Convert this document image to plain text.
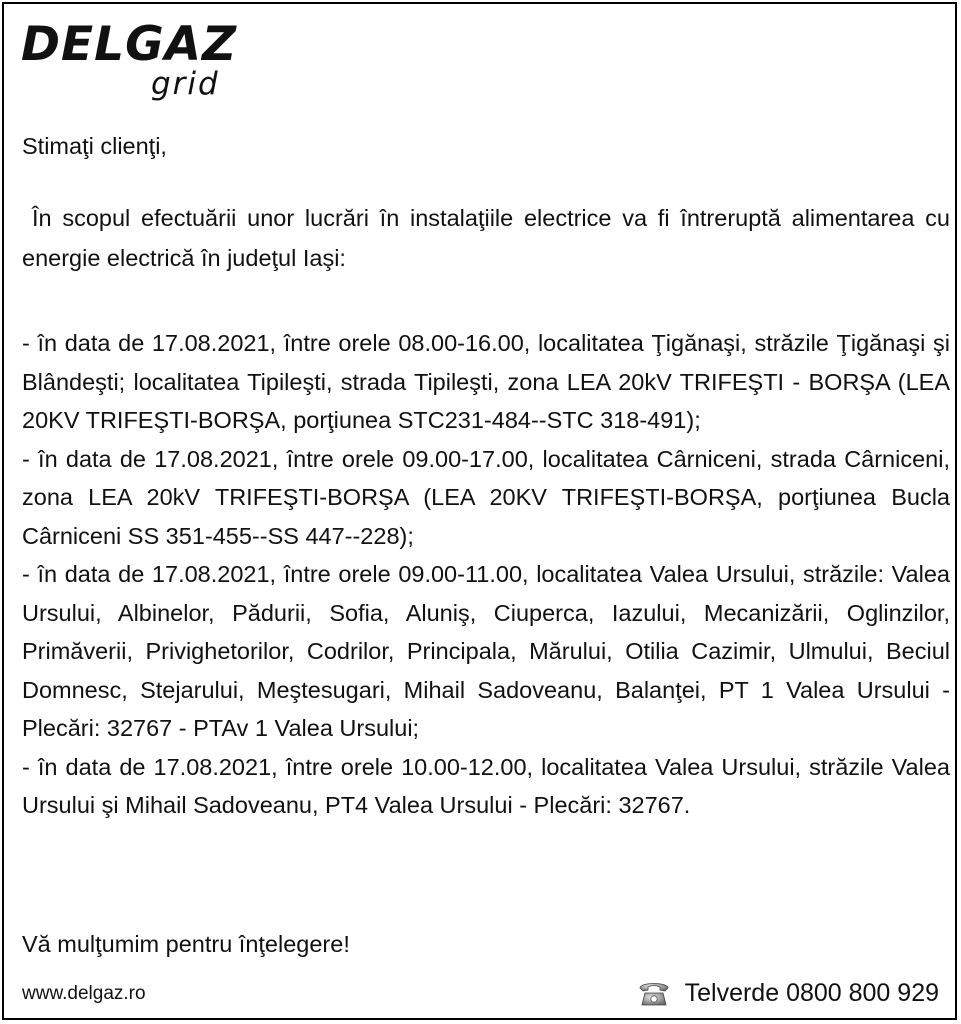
DELGAZ
grid

Stimaţi clienţi,

În scopul efectuării unor lucrări în instalaţiile electrice va fi întreruptă alimentarea cu energie electrică în judeţul Iaşi:

- în data de 17.08.2021, între orele 08.00-16.00, localitatea Ţigănaşi, străzile Ţigănaşi şi Blândeşti; localitatea Tipileşti, strada Tipileşti, zona LEA 20kV TRIFEŞTI - BORŞA (LEA 20KV TRIFEŞTI-BORŞA, porţiunea STC231-484--STC 318-491);

- în data de 17.08.2021, între orele 09.00-17.00, localitatea Cârniceni, strada Cârniceni, zona LEA 20kV TRIFEŞTI-BORŞA (LEA 20KV TRIFEŞTI-BORŞA, porţiunea Bucla Cârniceni SS 351-455--SS 447--228);

- în data de 17.08.2021, între orele 09.00-11.00, localitatea Valea Ursului, străzile: Valea Ursului, Albinelor, Pădurii, Sofia, Aluniş, Ciuperca, Iazului, Mecanizării, Oglinzilor, Primăverii, Privighetorilor, Codrilor, Principala, Mărului, Otilia Cazimir, Ulmului, Beciul Domnesc, Stejarului, Meştesugari, Mihail Sadoveanu, Balanţei, PT 1 Valea Ursului - Plecări: 32767 - PTAv 1 Valea Ursului;

- în data de 17.08.2021, între orele 10.00-12.00, localitatea Valea Ursului, străzile Valea Ursului şi Mihail Sadoveanu, PT4 Valea Ursului - Plecări: 32767.

Vă mulţumim pentru înţelegere!

www.delgaz.ro	Telverde 0800 800 929
